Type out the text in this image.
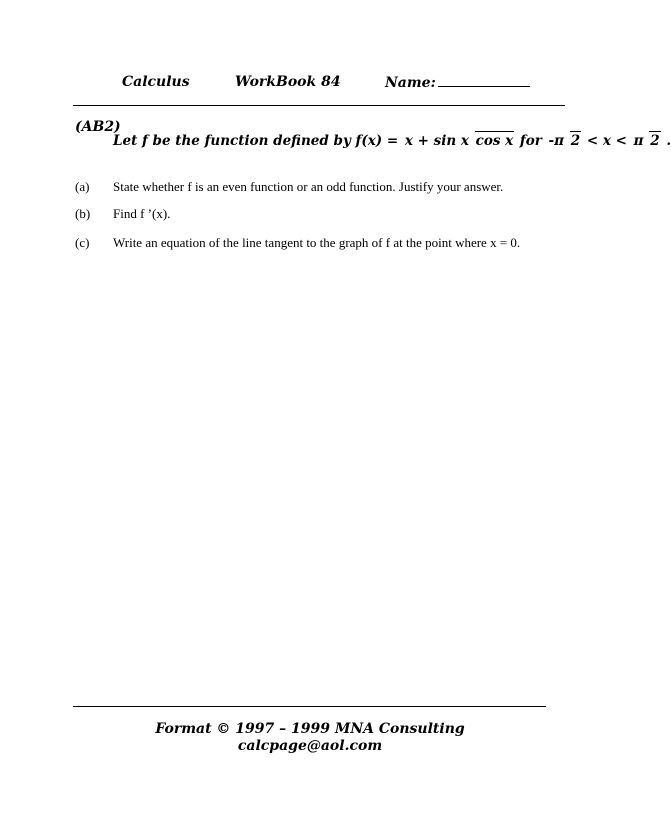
Calculus	WorkBook 84	Name:
(AB2)
Let f be the function defined by f(x) = x + sin x cos x for -π 2 < x < π 2 .
(a) State whether f is an even function or an odd function. Justify your answer.
(b) Find f ’(x).
(c) Write an equation of the line tangent to the graph of f at the point where x = 0.
Format © 1997 – 1999 MNA Consulting
calcpage@aol.com
